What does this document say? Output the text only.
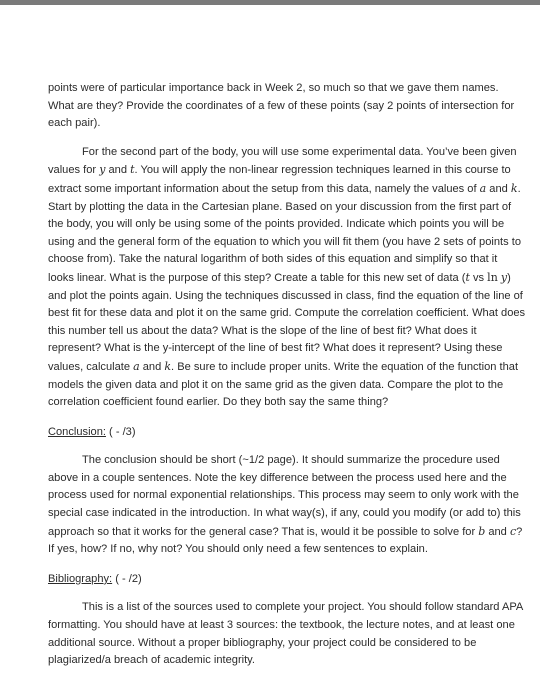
points were of particular importance back in Week 2, so much so that we gave them names. What are they? Provide the coordinates of a few of these points (say 2 points of intersection for each pair).

For the second part of the body, you will use some experimental data. You’ve been given values for y and t. You will apply the non-linear regression techniques learned in this course to extract some important information about the setup from this data, namely the values of a and k. Start by plotting the data in the Cartesian plane. Based on your discussion from the first part of the body, you will only be using some of the points provided. Indicate which points you will be using and the general form of the equation to which you will fit them (you have 2 sets of points to choose from). Take the natural logarithm of both sides of this equation and simplify so that it looks linear. What is the purpose of this step? Create a table for this new set of data (t vs ln y) and plot the points again. Using the techniques discussed in class, find the equation of the line of best fit for these data and plot it on the same grid. Compute the correlation coefficient. What does this number tell us about the data? What is the slope of the line of best fit? What does it represent? What is the y-intercept of the line of best fit? What does it represent? Using these values, calculate a and k. Be sure to include proper units. Write the equation of the function that models the given data and plot it on the same grid as the given data. Compare the plot to the correlation coefficient found earlier. Do they both say the same thing?

Conclusion: ( - /3)

The conclusion should be short (~1/2 page). It should summarize the procedure used above in a couple sentences. Note the key difference between the process used here and the process used for normal exponential relationships. This process may seem to only work with the special case indicated in the introduction. In what way(s), if any, could you modify (or add to) this approach so that it works for the general case? That is, would it be possible to solve for b and c? If yes, how? If no, why not? You should only need a few sentences to explain.

Bibliography: ( - /2)

This is a list of the sources used to complete your project. You should follow standard APA formatting. You should have at least 3 sources: the textbook, the lecture notes, and at least one additional source. Without a proper bibliography, your project could be considered to be plagiarized/a breach of academic integrity.
